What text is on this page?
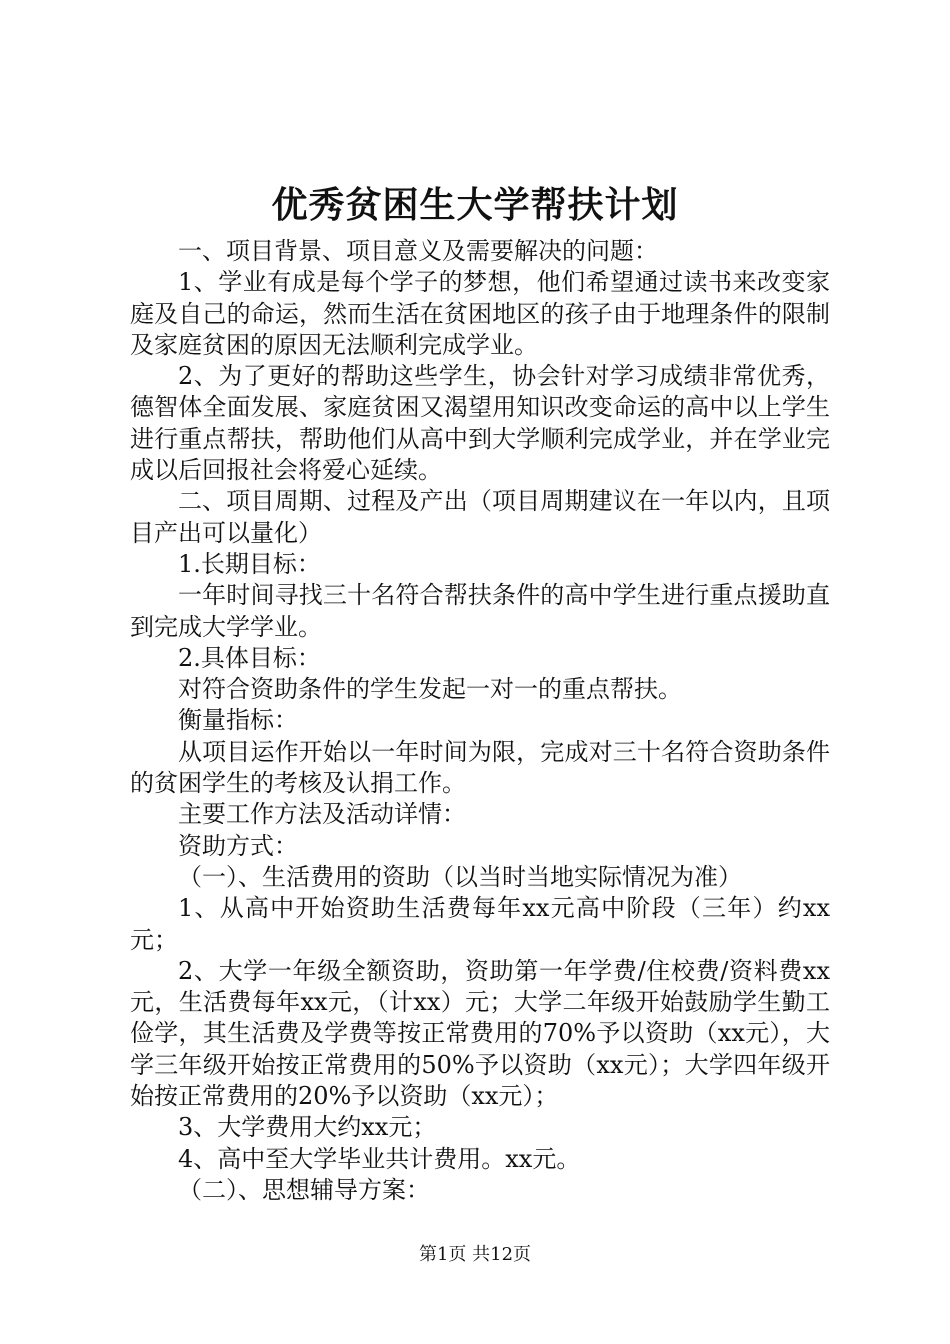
优秀贫困生大学帮扶计划

一、项目背景、项目意义及需要解决的问题：

1、学业有成是每个学子的梦想，他们希望通过读书来改变家庭及自己的命运，然而生活在贫困地区的孩子由于地理条件的限制及家庭贫困的原因无法顺利完成学业。

2、为了更好的帮助这些学生，协会针对学习成绩非常优秀，德智体全面发展、家庭贫困又渴望用知识改变命运的高中以上学生进行重点帮扶，帮助他们从高中到大学顺利完成学业，并在学业完成以后回报社会将爱心延续。

二、项目周期、过程及产出（项目周期建议在一年以内，且项目产出可以量化）

1.长期目标：

一年时间寻找三十名符合帮扶条件的高中学生进行重点援助直到完成大学学业。

2.具体目标：

对符合资助条件的学生发起一对一的重点帮扶。

衡量指标：

从项目运作开始以一年时间为限，完成对三十名符合资助条件的贫困学生的考核及认捐工作。

主要工作方法及活动详情：

资助方式：

（一）、生活费用的资助（以当时当地实际情况为准）

1、从高中开始资助生活费每年xx元高中阶段（三年）约xx元；

2、大学一年级全额资助，资助第一年学费/住校费/资料费xx元，生活费每年xx元，（计xx）元；大学二年级开始鼓励学生勤工俭学，其生活费及学费等按正常费用的70%予以资助（xx元），大学三年级开始按正常费用的50%予以资助（xx元）；大学四年级开始按正常费用的20%予以资助（xx元）；

3、大学费用大约xx元；

4、高中至大学毕业共计费用。xx元。

（二）、思想辅导方案：

第1页 共12页
